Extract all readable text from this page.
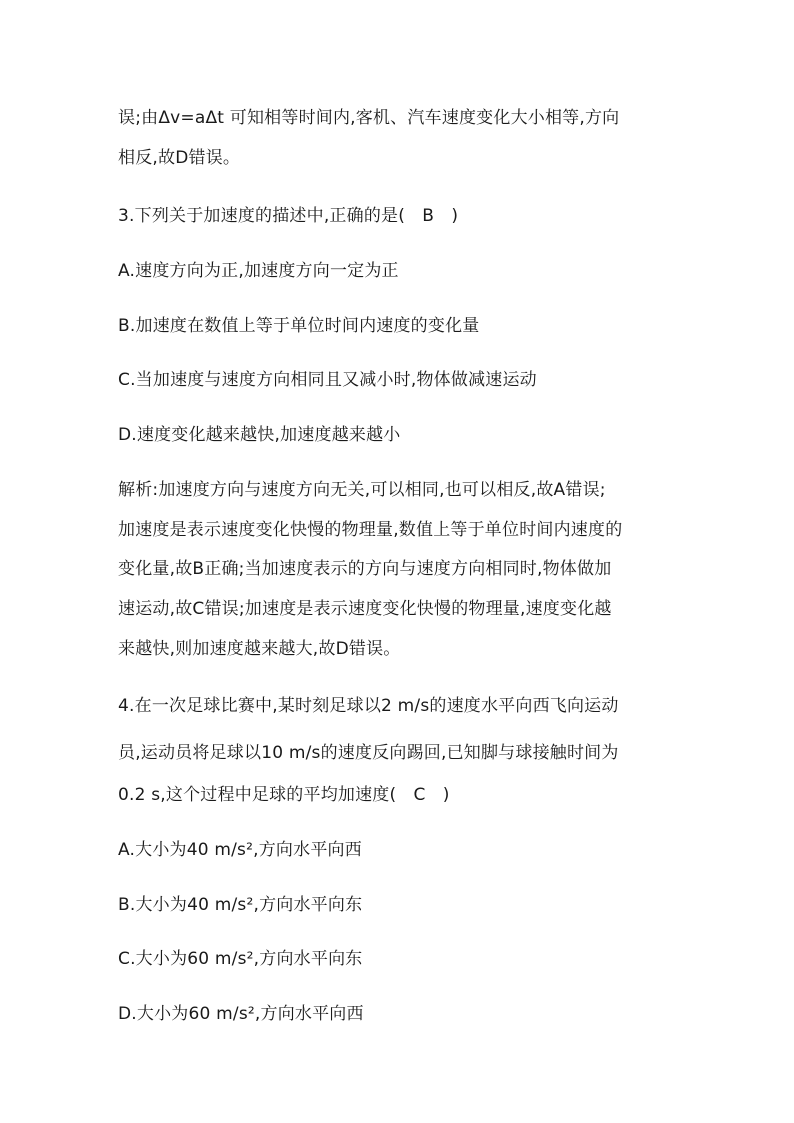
误;由Δv=aΔt 可知相等时间内,客机、汽车速度变化大小相等,方向
相反,故D错误。
3.下列关于加速度的描述中,正确的是(　B　)
A.速度方向为正,加速度方向一定为正
B.加速度在数值上等于单位时间内速度的变化量
C.当加速度与速度方向相同且又减小时,物体做减速运动
D.速度变化越来越快,加速度越来越小
解析:加速度方向与速度方向无关,可以相同,也可以相反,故A错误;
加速度是表示速度变化快慢的物理量,数值上等于单位时间内速度的
变化量,故B正确;当加速度表示的方向与速度方向相同时,物体做加
速运动,故C错误;加速度是表示速度变化快慢的物理量,速度变化越
来越快,则加速度越来越大,故D错误。
4.在一次足球比赛中,某时刻足球以2 m/s的速度水平向西飞向运动
员,运动员将足球以10 m/s的速度反向踢回,已知脚与球接触时间为
0.2 s,这个过程中足球的平均加速度(　C　)
A.大小为40 m/s²,方向水平向西
B.大小为40 m/s²,方向水平向东
C.大小为60 m/s²,方向水平向东
D.大小为60 m/s²,方向水平向西
